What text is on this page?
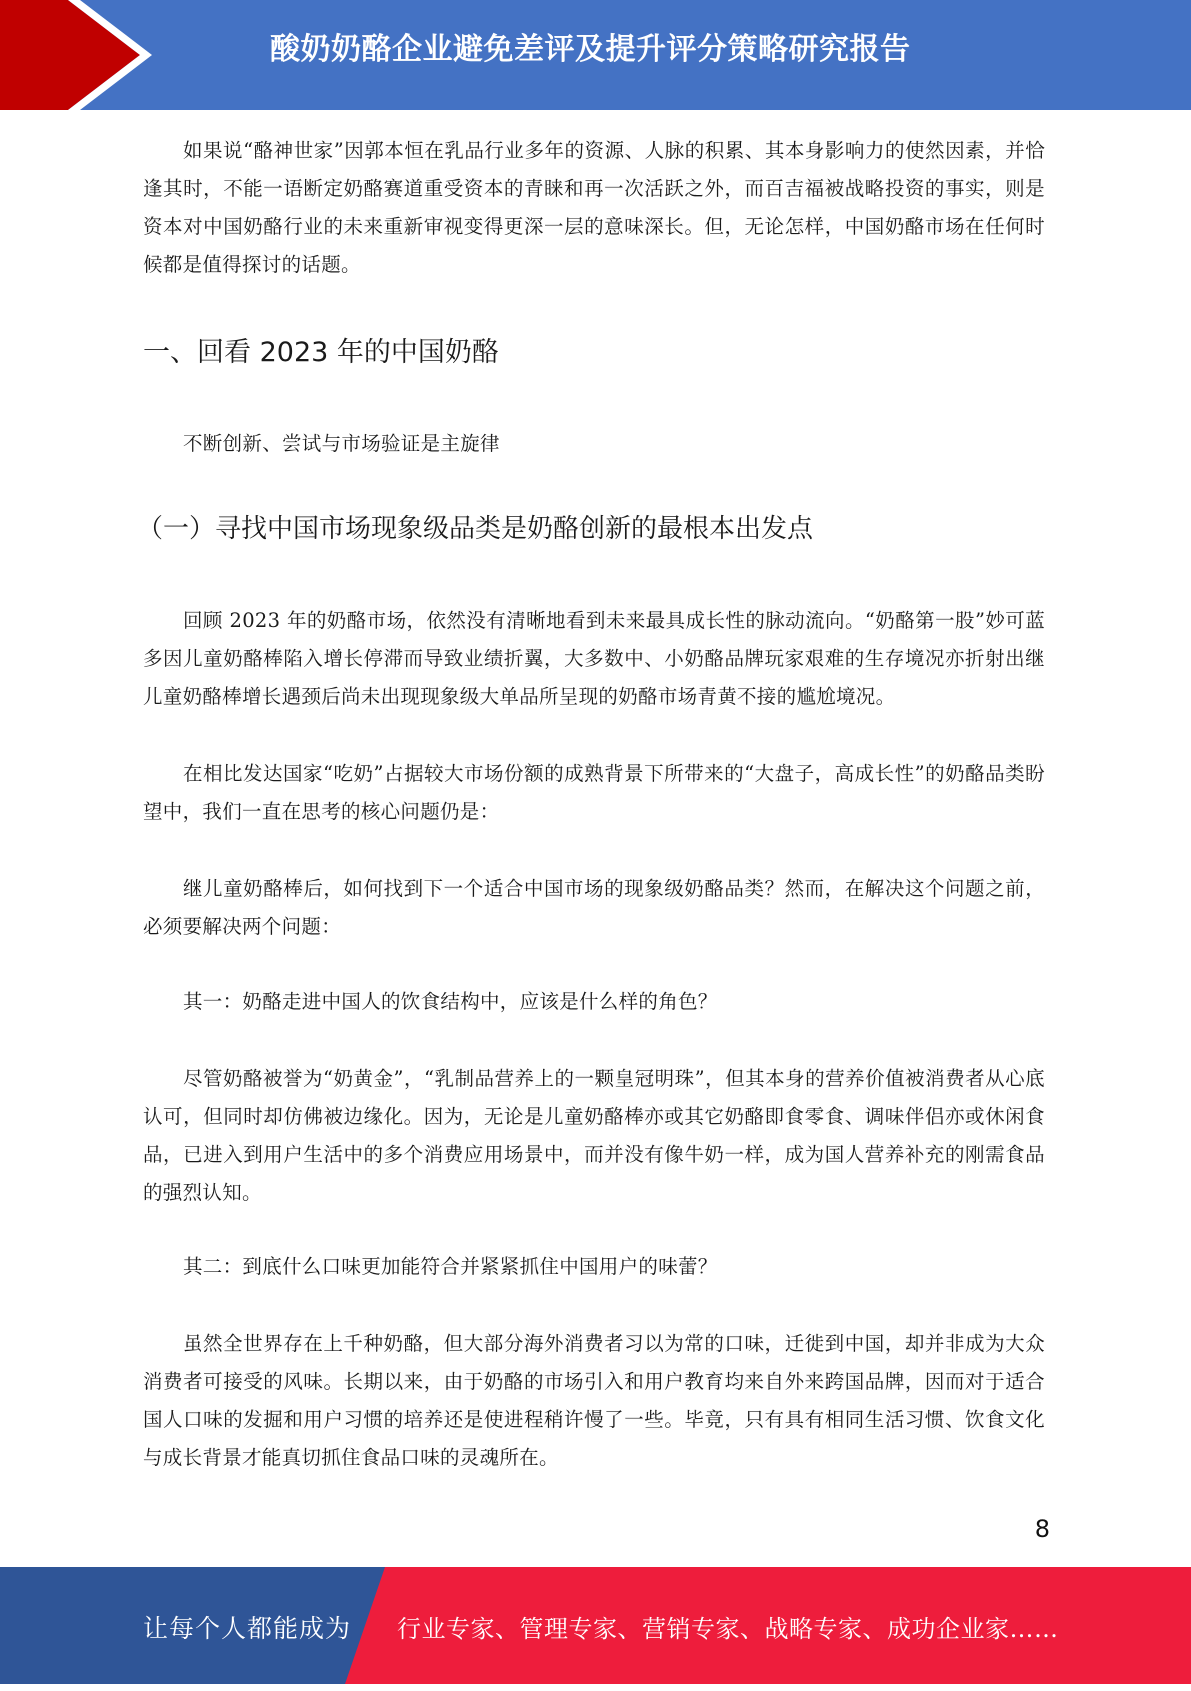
酸奶奶酪企业避免差评及提升评分策略研究报告

如果说“酪神世家”因郭本恒在乳品行业多年的资源、人脉的积累、其本身影响力的使然因素，并恰逢其时，不能一语断定奶酪赛道重受资本的青睐和再一次活跃之外，而百吉福被战略投资的事实，则是资本对中国奶酪行业的未来重新审视变得更深一层的意味深长。但，无论怎样，中国奶酪市场在任何时候都是值得探讨的话题。

一、回看 2023 年的中国奶酪

不断创新、尝试与市场验证是主旋律

（一）寻找中国市场现象级品类是奶酪创新的最根本出发点

回顾 2023 年的奶酪市场，依然没有清晰地看到未来最具成长性的脉动流向。“奶酪第一股”妙可蓝多因儿童奶酪棒陷入增长停滞而导致业绩折翼，大多数中、小奶酪品牌玩家艰难的生存境况亦折射出继儿童奶酪棒增长遇颈后尚未出现现象级大单品所呈现的奶酪市场青黄不接的尴尬境况。

在相比发达国家“吃奶”占据较大市场份额的成熟背景下所带来的“大盘子，高成长性”的奶酪品类盼望中，我们一直在思考的核心问题仍是：

继儿童奶酪棒后，如何找到下一个适合中国市场的现象级奶酪品类？然而，在解决这个问题之前，必须要解决两个问题：

其一：奶酪走进中国人的饮食结构中，应该是什么样的角色？

尽管奶酪被誉为“奶黄金”，“乳制品营养上的一颗皇冠明珠”，但其本身的营养价值被消费者从心底认可，但同时却仿佛被边缘化。因为，无论是儿童奶酪棒亦或其它奶酪即食零食、调味伴侣亦或休闲食品，已进入到用户生活中的多个消费应用场景中，而并没有像牛奶一样，成为国人营养补充的刚需食品的强烈认知。

其二：到底什么口味更加能符合并紧紧抓住中国用户的味蕾？

虽然全世界存在上千种奶酪，但大部分海外消费者习以为常的口味，迁徙到中国，却并非成为大众消费者可接受的风味。长期以来，由于奶酪的市场引入和用户教育均来自外来跨国品牌，因而对于适合国人口味的发掘和用户习惯的培养还是使进程稍许慢了一些。毕竟，只有具有相同生活习惯、饮食文化与成长背景才能真切抓住食品口味的灵魂所在。

8
让每个人都能成为 行业专家、管理专家、营销专家、战略专家、成功企业家……
